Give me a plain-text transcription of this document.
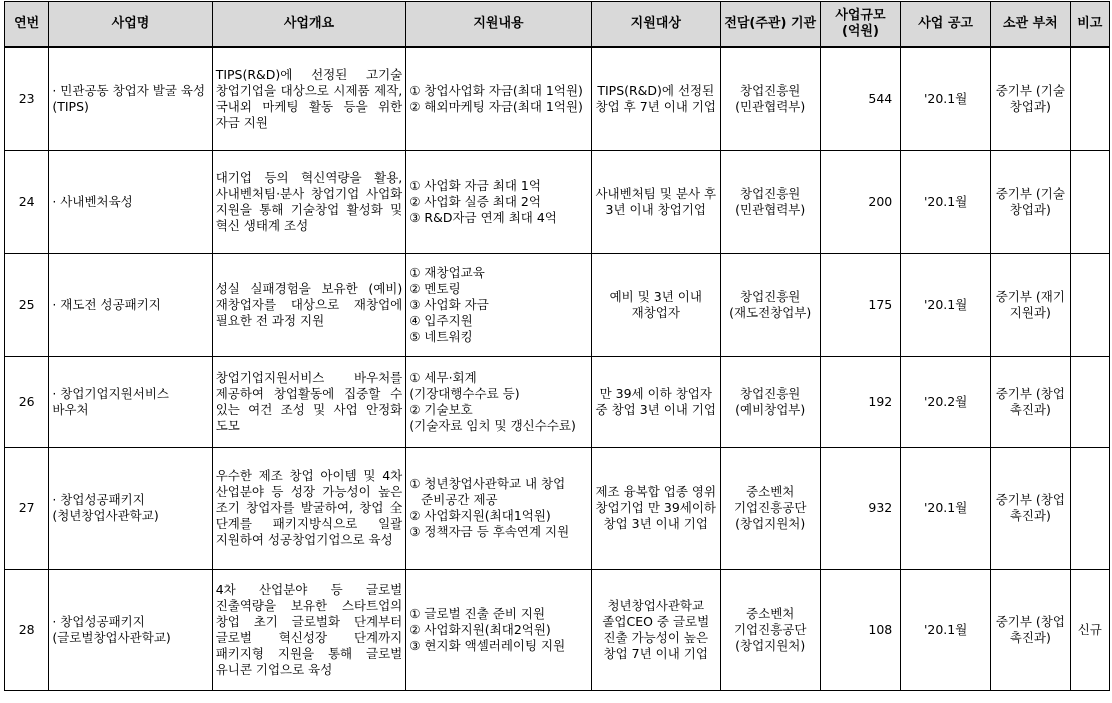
연번	사업명	사업개요	지원내용	지원대상	전담(주관) 기관	사업규모 (억원)	사업 공고	소관 부처	비고
23	· 민관공동 창업자 발굴 육성(TIPS)	TIPS(R&D)에 선정된 고기술 창업기업을 대상으로 시제품 제작, 국내외 마케팅 활동 등을 위한 자금 지원	① 창업사업화 자금(최대 1억원)
② 해외마케팅 자금(최대 1억원)	TIPS(R&D)에 선정된 창업 후 7년 이내 기업	창업진흥원 (민관협력부)	544	'20.1월	중기부 (기술 창업과)	
24	· 사내벤처육성	대기업 등의 혁신역량을 활용, 사내벤처팀·분사 창업기업 사업화 지원을 통해 기술창업 활성화 및 혁신 생태계 조성	① 사업화 자금 최대 1억
② 사업화 실증 최대 2억
③ R&D자금 연계 최대 4억	사내벤처팀 및 분사 후 3년 이내 창업기업	창업진흥원 (민관협력부)	200	'20.1월	중기부 (기술 창업과)	
25	· 재도전 성공패키지	성실 실패경험을 보유한 (예비)재창업자를 대상으로 재창업에 필요한 전 과정 지원	① 재창업교육
② 멘토링
③ 사업화 자금
④ 입주지원
⑤ 네트워킹	예비 및 3년 이내 재창업자	창업진흥원 (재도전창업부)	175	'20.1월	중기부 (재기 지원과)	
26	· 창업기업지원서비스 바우처	창업기업지원서비스 바우처를 제공하여 창업활동에 집중할 수 있는 여건 조성 및 사업 안정화 도모	① 세무·회계
(기장대행수수료 등)
② 기술보호
(기술자료 임치 및 갱신수수료)	만 39세 이하 창업자 중 창업 3년 이내 기업	창업진흥원 (예비창업부)	192	'20.2월	중기부 (창업 촉진과)	
27	· 창업성공패키지 (청년창업사관학교)	우수한 제조 창업 아이템 및 4차 산업분야 등 성장 가능성이 높은 조기 창업자를 발굴하여, 창업 全 단계를 패키지방식으로 일괄 지원하여 성공창업기업으로 육성	① 청년창업사관학교 내 창업
준비공간 제공
② 사업화지원(최대1억원)
③ 정책자금 등 후속연계 지원	제조 융복합 업종 영위 창업기업 만 39세이하 창업 3년 이내 기업	중소벤처 기업진흥공단 (창업지원처)	932	'20.1월	중기부 (창업 촉진과)	
28	· 창업성공패키지 (글로벌창업사관학교)	4차 산업분야 등 글로벌 진출역량을 보유한 스타트업의 창업 초기 글로벌화 단계부터 글로벌 혁신성장 단계까지 패키지형 지원을 통해 글로벌 유니콘 기업으로 육성	① 글로벌 진출 준비 지원
② 사업화지원(최대2억원)
③ 현지화 액셀러레이팅 지원	청년창업사관학교 졸업CEO 중 글로벌 진출 가능성이 높은 창업 7년 이내 기업	중소벤처 기업진흥공단 (창업지원처)	108	'20.1월	중기부 (창업 촉진과)	신규
